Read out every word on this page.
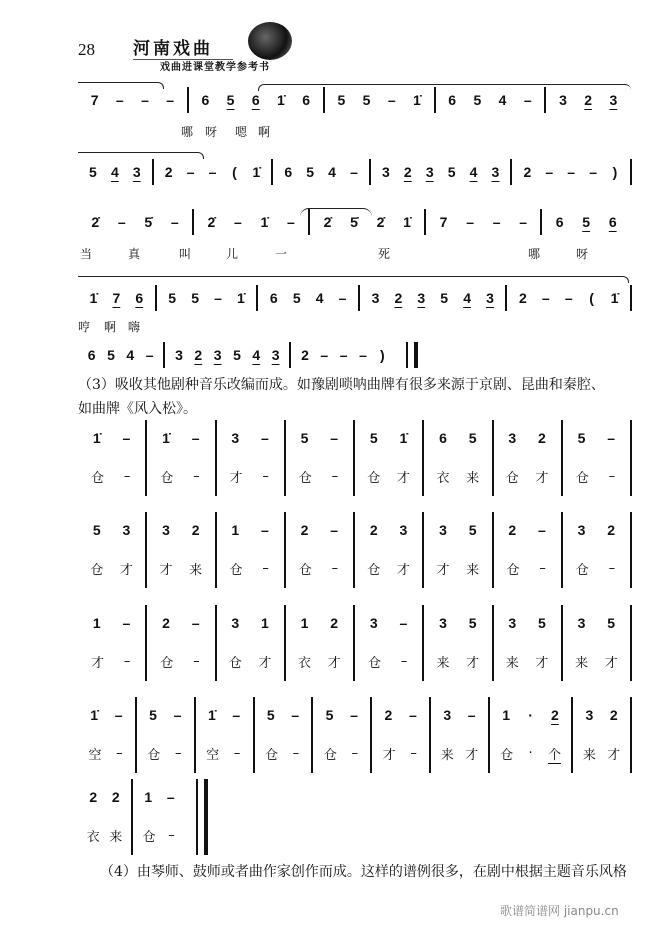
28 河南戏曲
戏曲进课堂教学参考书
7 – – – 6 5 6 1̇ 6 5 5 – 1̇ 6 5 4 – 3 2 3
哪 呀 嗯 啊
5 4 3 2 – – ( 1̇ 6 5 4 – 3 2 3 5 4 3 2 – – – )
2̇ – 5̇ – 2̇ – 1̇ – 2̇ 5̇ 2̇ 1̇ 7 – – – 6 5 6
当	真	叫	儿	一	死	哪	呀
1̇ 7 6 5 5 – 1̇ 6 5 4 – 3 2 3 5 4 3 2 – – ( 1̇
哼 啊 嗨
6 5 4 – 3 2 3 5 4 3 2 – – – )
（3）吸收其他剧种音乐改编而成。如豫剧唢呐曲牌有很多来源于京剧、昆曲和秦腔、
如曲牌《风入松》。
1̇ – 1̇ – 3 – 5 – 5 1̇ 6 5 3 2 5 –
仓 – 仓 – 才 – 仓 – 仓 才 衣 来 仓 才 仓 –
5 3 3 2 1 – 2 – 2 3 3 5 2 – 3 2
仓 才 才 来 仓 – 仓 – 仓 才 才 来 仓 – 仓 –
1 – 2 – 3 1 1 2 3 – 3 5 3 5 3 5
才 – 仓 – 仓 才 衣 才 仓 – 来 才 来 才 来 才
1̇ – 5 – 1̇ – 5 – 5 – 2 – 3 – 1 · 2 3 2
空 – 仓 – 空 – 仓 – 仓 – 才 – 来 才 仓 · 个 来 才
2 2 1 –
衣 来 仓 –
（4）由琴师、鼓师或者曲作家创作而成。这样的谱例很多，在剧中根据主题音乐风格
歌谱简谱网 jianpu.cn
